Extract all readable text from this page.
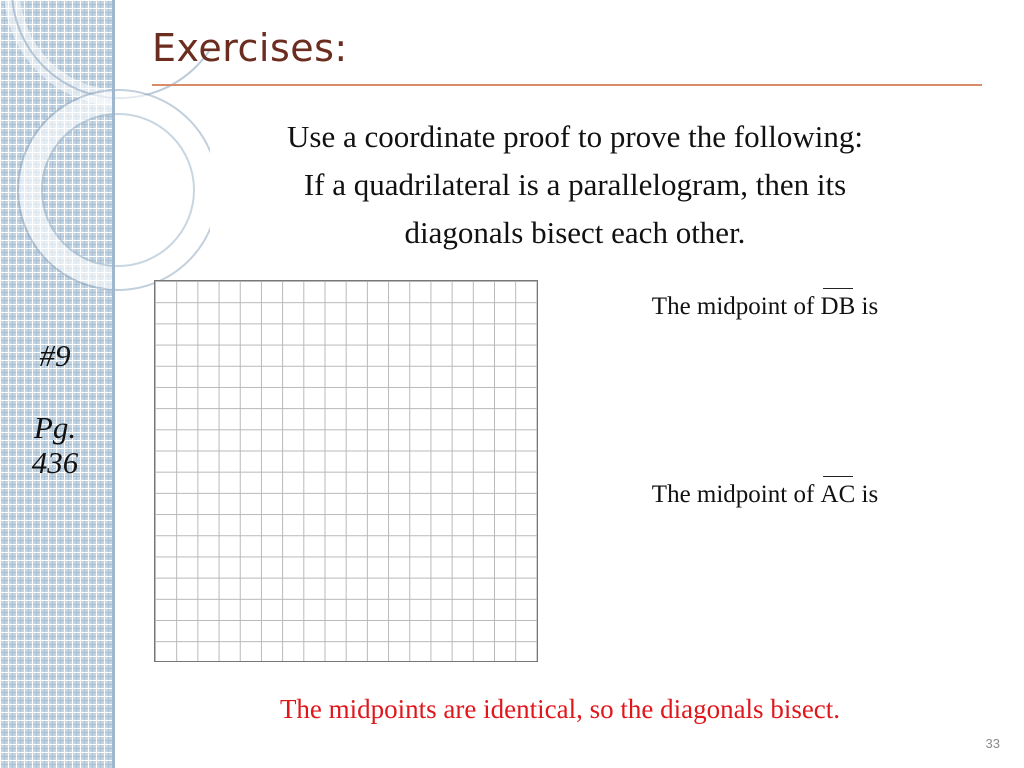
Exercises:
Use a coordinate proof to prove the following:
If a quadrilateral is a parallelogram, then its
diagonals bisect each other.
#9
Pg.
436
The midpoint of DB is
The midpoint of AC is
The midpoints are identical, so the diagonals bisect.
33
